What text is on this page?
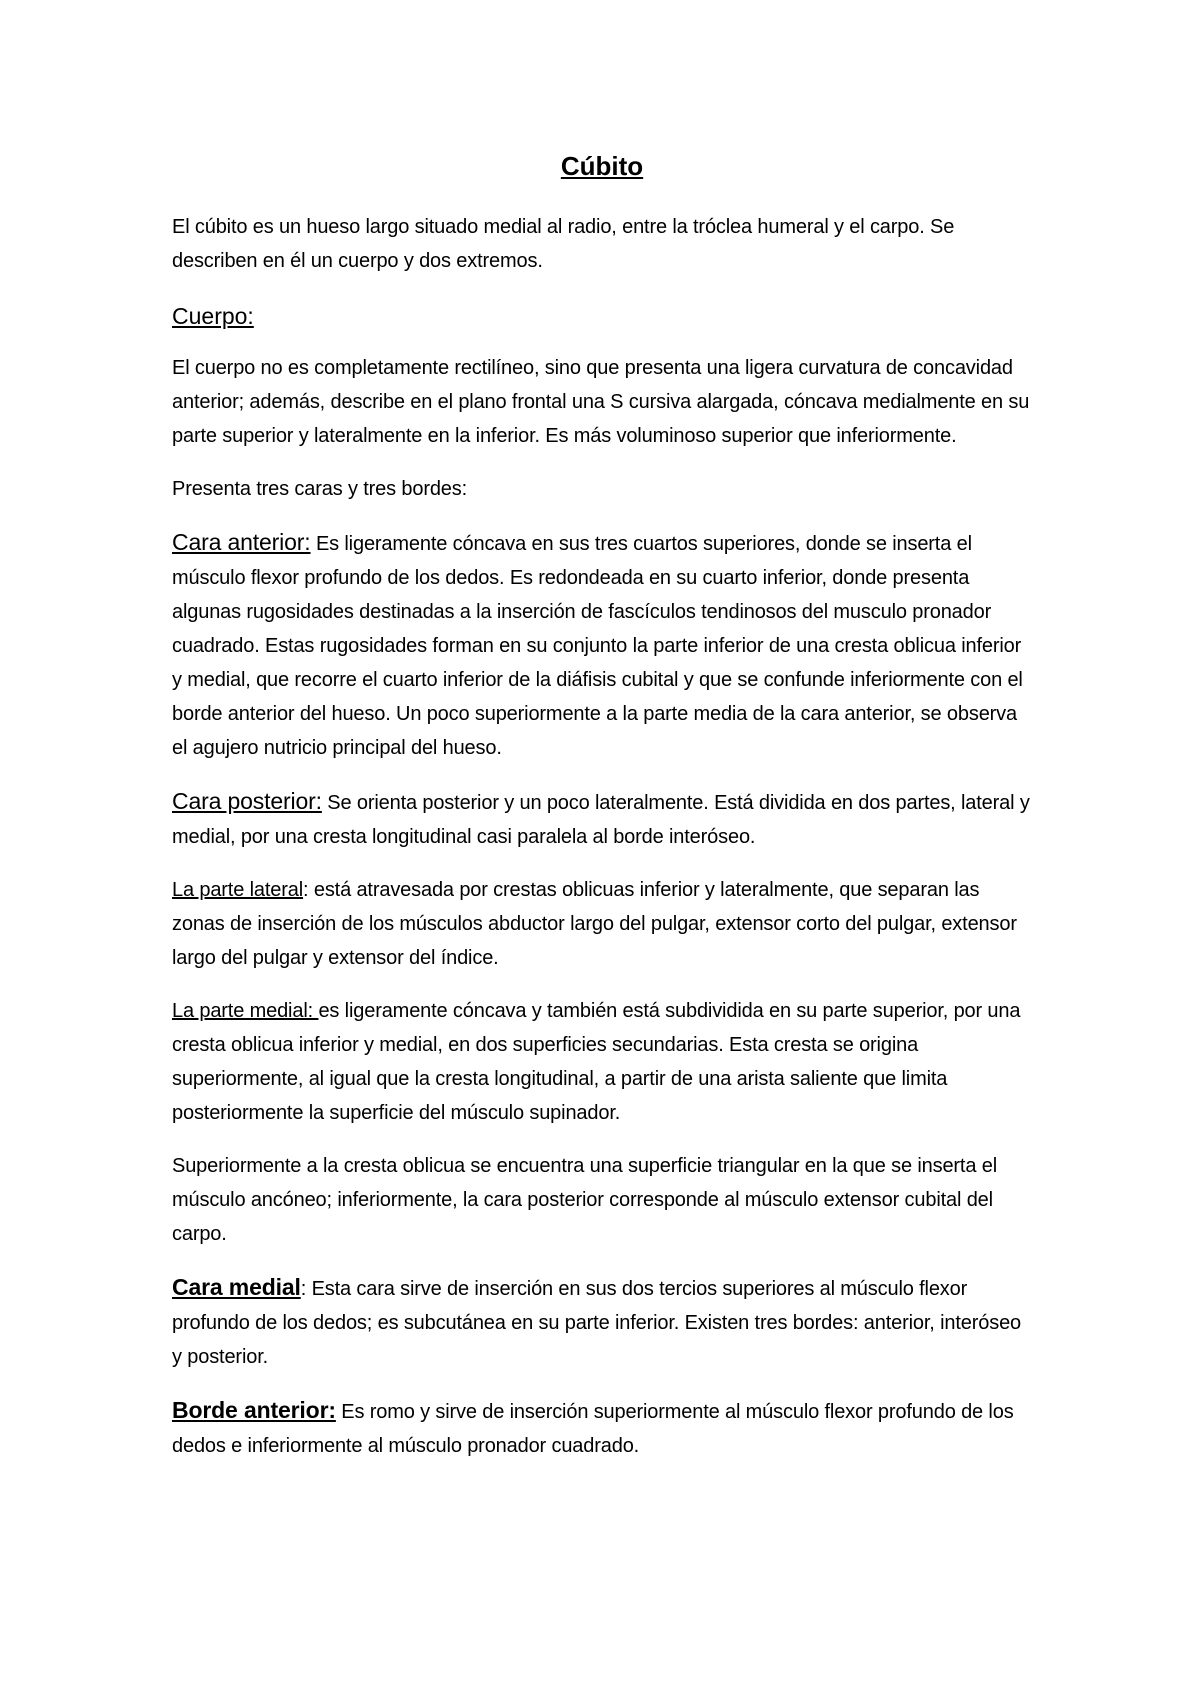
Cúbito

El cúbito es un hueso largo situado medial al radio, entre la tróclea humeral y el carpo. Se describen en él un cuerpo y dos extremos.

Cuerpo:

El cuerpo no es completamente rectilíneo, sino que presenta una ligera curvatura de concavidad anterior; además, describe en el plano frontal una S cursiva alargada, cóncava medialmente en su parte superior y lateralmente en la inferior. Es más voluminoso superior que inferiormente.

Presenta tres caras y tres bordes:

Cara anterior: Es ligeramente cóncava en sus tres cuartos superiores, donde se inserta el músculo flexor profundo de los dedos. Es redondeada en su cuarto inferior, donde presenta algunas rugosidades destinadas a la inserción de fascículos tendinosos del musculo pronador cuadrado. Estas rugosidades forman en su conjunto la parte inferior de una cresta oblicua inferior y medial, que recorre el cuarto inferior de la diáfisis cubital y que se confunde inferiormente con el borde anterior del hueso. Un poco superiormente a la parte media de la cara anterior, se observa el agujero nutricio principal del hueso.

Cara posterior: Se orienta posterior y un poco lateralmente. Está dividida en dos partes, lateral y medial, por una cresta longitudinal casi paralela al borde interóseo.

La parte lateral: está atravesada por crestas oblicuas inferior y lateralmente, que separan las zonas de inserción de los músculos abductor largo del pulgar, extensor corto del pulgar, extensor largo del pulgar y extensor del índice.

La parte medial: es ligeramente cóncava y también está subdividida en su parte superior, por una cresta oblicua inferior y medial, en dos superficies secundarias. Esta cresta se origina superiormente, al igual que la cresta longitudinal, a partir de una arista saliente que limita posteriormente la superficie del músculo supinador.

Superiormente a la cresta oblicua se encuentra una superficie triangular en la que se inserta el músculo ancóneo; inferiormente, la cara posterior corresponde al músculo extensor cubital del carpo.

Cara medial: Esta cara sirve de inserción en sus dos tercios superiores al músculo flexor profundo de los dedos; es subcutánea en su parte inferior. Existen tres bordes: anterior, interóseo y posterior.

Borde anterior: Es romo y sirve de inserción superiormente al músculo flexor profundo de los dedos e inferiormente al músculo pronador cuadrado.
